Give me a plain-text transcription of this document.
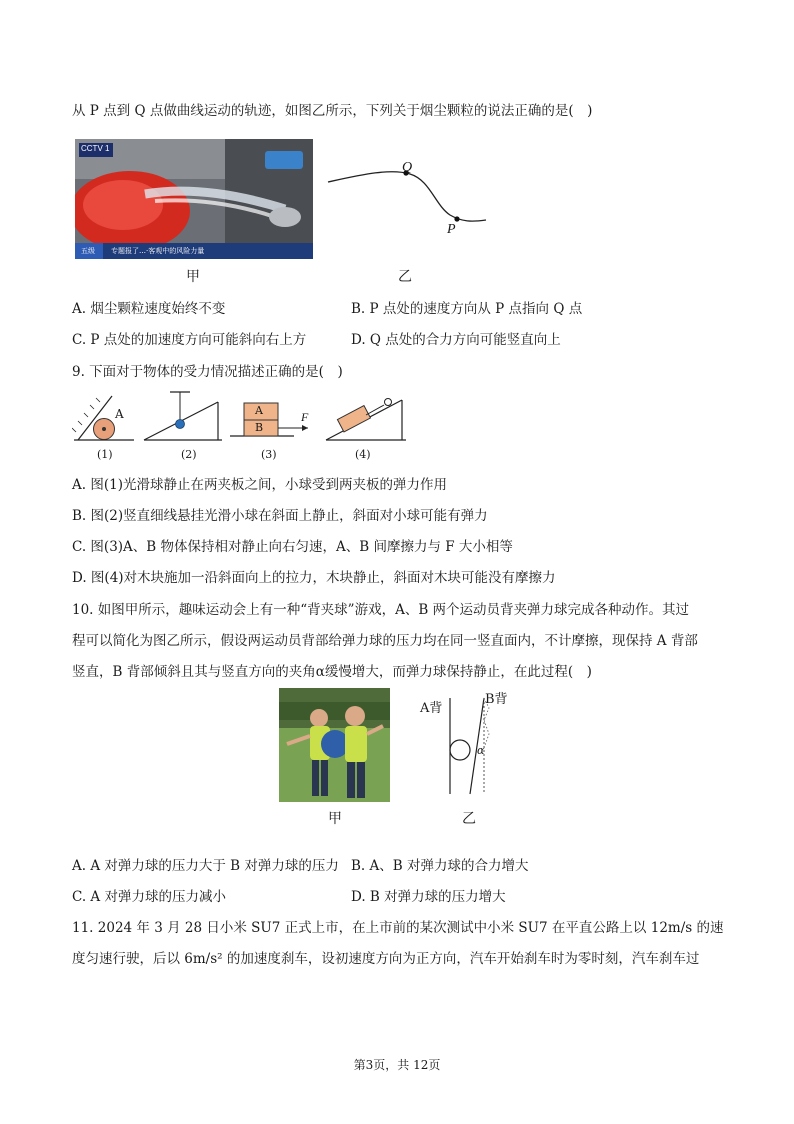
从 P 点到 Q 点做曲线运动的轨迹，如图乙所示，下列关于烟尘颗粒的说法正确的是(　)
CCTV 1
五级 专题报了…·客观中的风险力量
甲
Q
P
乙
A. 烟尘颗粒速度始终不变	B. P 点处的速度方向从 P 点指向 Q 点
C. P 点处的加速度方向可能斜向右上方	D. Q 点处的合力方向可能竖直向上
9. 下面对于物体的受力情况描述正确的是(　)
A	A
B
F
(1)	(2)	(3)	(4)
A. 图(1)光滑球静止在两夹板之间，小球受到两夹板的弹力作用
B. 图(2)竖直细线悬挂光滑小球在斜面上静止，斜面对小球可能有弹力
C. 图(3)A、B 物体保持相对静止向右匀速，A、B 间摩擦力与 F 大小相等
D. 图(4)对木块施加一沿斜面向上的拉力，木块静止，斜面对木块可能没有摩擦力
10. 如图甲所示，趣味运动会上有一种“背夹球”游戏，A、B 两个运动员背夹弹力球完成各种动作。其过
程可以简化为图乙所示，假设两运动员背部给弹力球的压力均在同一竖直面内，不计摩擦，现保持 A 背部
竖直，B 背部倾斜且其与竖直方向的夹角α缓慢增大，而弹力球保持静止，在此过程(　)
甲
A背
B背
α
乙
A. A 对弹力球的压力大于 B 对弹力球的压力 B. A、B 对弹力球的合力增大
C. A 对弹力球的压力减小	D. B 对弹力球的压力增大
11. 2024 年 3 月 28 日小米 SU7 正式上市，在上市前的某次测试中小米 SU7 在平直公路上以 12m/s 的速
度匀速行驶，后以 6m/s² 的加速度刹车，设初速度方向为正方向，汽车开始刹车时为零时刻，汽车刹车过
第3页，共 12页
